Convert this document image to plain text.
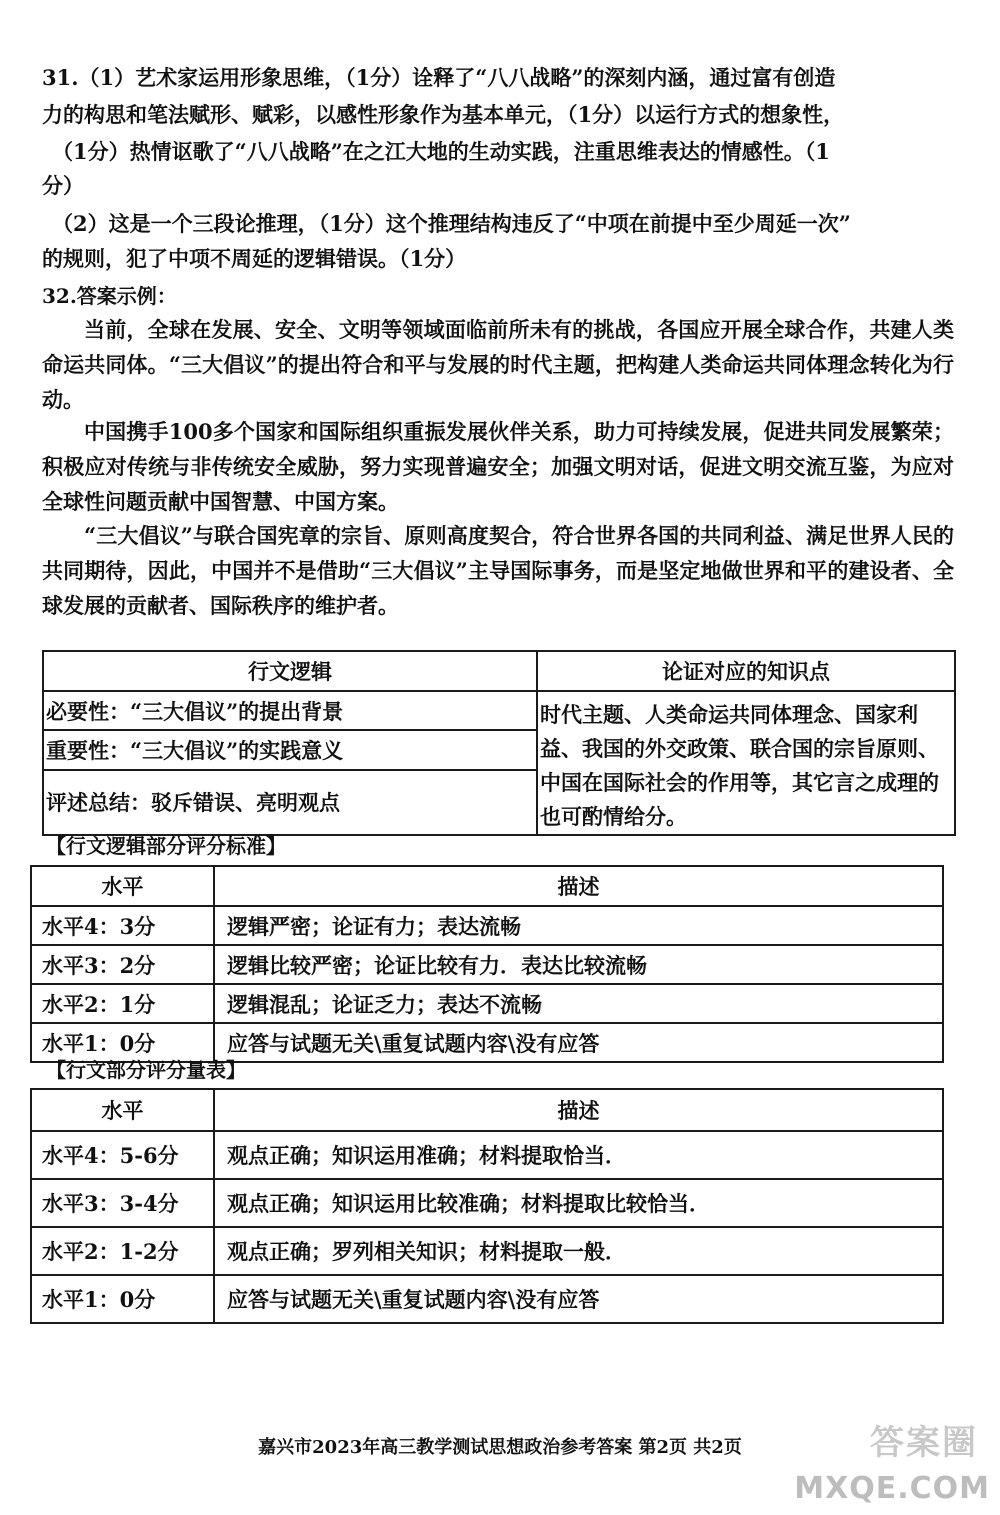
31.（1）艺术家运用形象思维，（1分）诠释了“八八战略”的深刻内涵，通过富有创造
力的构思和笔法赋形、赋彩，以感性形象作为基本单元，（1分）以运行方式的想象性，
（1分）热情讴歌了“八八战略”在之江大地的生动实践，注重思维表达的情感性。（1
分）
（2）这是一个三段论推理，（1分）这个推理结构违反了“中项在前提中至少周延一次”
的规则，犯了中项不周延的逻辑错误。（1分）
32.答案示例：
当前，全球在发展、安全、文明等领域面临前所未有的挑战，各国应开展全球合作，共建人类命运共同体。“三大倡议”的提出符合和平与发展的时代主题，把构建人类命运共同体理念转化为行动。
中国携手100多个国家和国际组织重振发展伙伴关系，助力可持续发展，促进共同发展繁荣；积极应对传统与非传统安全威胁，努力实现普遍安全；加强文明对话，促进文明交流互鉴，为应对全球性问题贡献中国智慧、中国方案。
“三大倡议”与联合国宪章的宗旨、原则高度契合，符合世界各国的共同利益、满足世界人民的共同期待，因此，中国并不是借助“三大倡议”主导国际事务，而是坚定地做世界和平的建设者、全球发展的贡献者、国际秩序的维护者。
行文逻辑	论证对应的知识点
必要性：“三大倡议”的提出背景	时代主题、人类命运共同体理念、国家利益、我国的外交政策、联合国的宗旨原则、中国在国际社会的作用等，其它言之成理的也可酌情给分。
重要性：“三大倡议”的实践意义	
评述总结：驳斥错误、亮明观点	
【行文逻辑部分评分标准】
水平	描述
水平4：3分	逻辑严密；论证有力；表达流畅
水平3：2分	逻辑比较严密；论证比较有力．表达比较流畅
水平2：1分	逻辑混乱；论证乏力；表达不流畅
水平1：0分	应答与试题无关\重复试题内容\没有应答
【行文部分评分量表】
水平	描述
水平4：5-6分	观点正确；知识运用准确；材料提取恰当．
水平3：3-4分	观点正确；知识运用比较准确；材料提取比较恰当．
水平2：1-2分	观点正确；罗列相关知识；材料提取一般．
水平1：0分	应答与试题无关\重复试题内容\没有应答
嘉兴市2023年高三教学测试思想政治参考答案 第2页 共2页	答案圈
MXQE.COM
